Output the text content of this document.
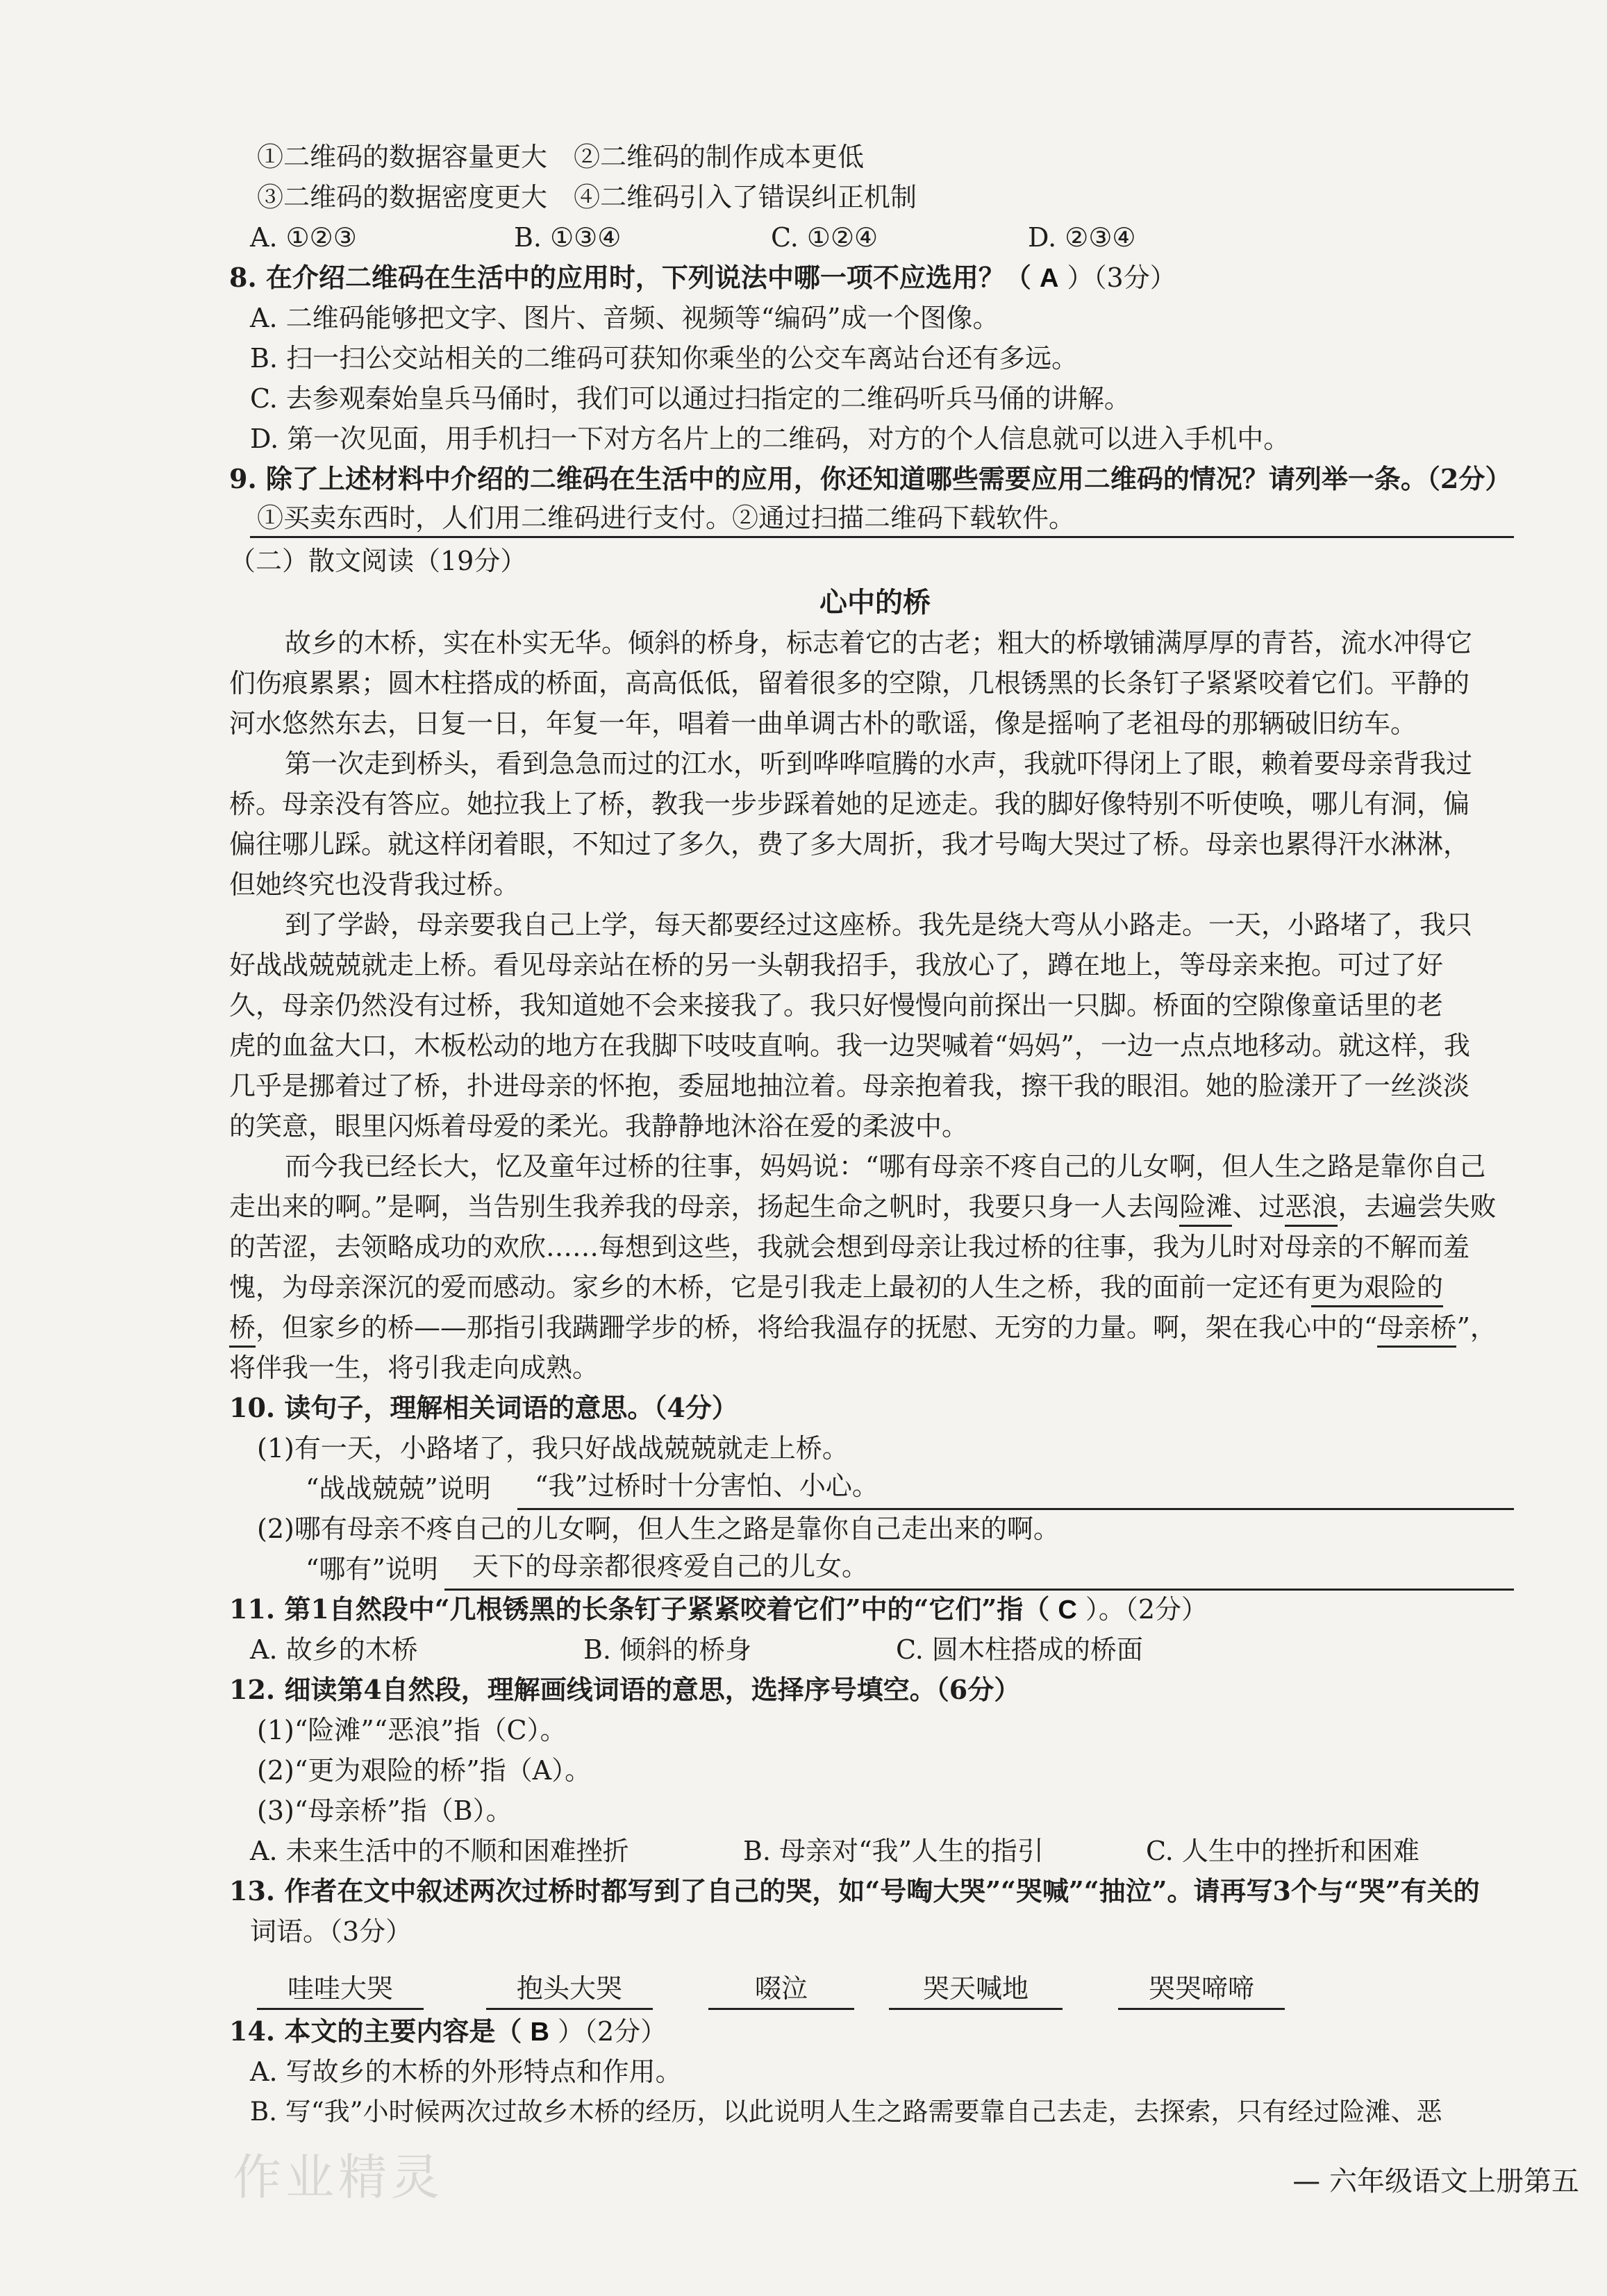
①二维码的数据容量更大　②二维码的制作成本更低
③二维码的数据密度更大　④二维码引入了错误纠正机制
A. ①②③	B. ①③④	C. ①②④	D. ②③④
8. 在介绍二维码在生活中的应用时，下列说法中哪一项不应选用？（ A ）（3分）
A. 二维码能够把文字、图片、音频、视频等“编码”成一个图像。
B. 扫一扫公交站相关的二维码可获知你乘坐的公交车离站台还有多远。
C. 去参观秦始皇兵马俑时，我们可以通过扫指定的二维码听兵马俑的讲解。
D. 第一次见面，用手机扫一下对方名片上的二维码，对方的个人信息就可以进入手机中。
9. 除了上述材料中介绍的二维码在生活中的应用，你还知道哪些需要应用二维码的情况？请列举一条。（2分）
①买卖东西时，人们用二维码进行支付。②通过扫描二维码下载软件。
（二）散文阅读（19分）
心中的桥
故乡的木桥，实在朴实无华。倾斜的桥身，标志着它的古老；粗大的桥墩铺满厚厚的青苔，流水冲得它
们伤痕累累；圆木柱搭成的桥面，高高低低，留着很多的空隙，几根锈黑的长条钉子紧紧咬着它们。平静的
河水悠然东去，日复一日，年复一年，唱着一曲单调古朴的歌谣，像是摇响了老祖母的那辆破旧纺车。
第一次走到桥头，看到急急而过的江水，听到哗哗喧腾的水声，我就吓得闭上了眼，赖着要母亲背我过
桥。母亲没有答应。她拉我上了桥，教我一步步踩着她的足迹走。我的脚好像特别不听使唤，哪儿有洞，偏
偏往哪儿踩。就这样闭着眼，不知过了多久，费了多大周折，我才号啕大哭过了桥。母亲也累得汗水淋淋，
但她终究也没背我过桥。
到了学龄，母亲要我自己上学，每天都要经过这座桥。我先是绕大弯从小路走。一天，小路堵了，我只
好战战兢兢就走上桥。看见母亲站在桥的另一头朝我招手，我放心了，蹲在地上，等母亲来抱。可过了好
久，母亲仍然没有过桥，我知道她不会来接我了。我只好慢慢向前探出一只脚。桥面的空隙像童话里的老
虎的血盆大口，木板松动的地方在我脚下吱吱直响。我一边哭喊着“妈妈”，一边一点点地移动。就这样，我
几乎是挪着过了桥，扑进母亲的怀抱，委屈地抽泣着。母亲抱着我，擦干我的眼泪。她的脸漾开了一丝淡淡
的笑意，眼里闪烁着母爱的柔光。我静静地沐浴在爱的柔波中。
而今我已经长大，忆及童年过桥的往事，妈妈说：“哪有母亲不疼自己的儿女啊，但人生之路是靠你自己
走出来的啊。”是啊，当告别生我养我的母亲，扬起生命之帆时，我要只身一人去闯险滩、过恶浪，去遍尝失败
的苦涩，去领略成功的欢欣……每想到这些，我就会想到母亲让我过桥的往事，我为儿时对母亲的不解而羞
愧，为母亲深沉的爱而感动。家乡的木桥，它是引我走上最初的人生之桥，我的面前一定还有更为艰险的
桥，但家乡的桥——那指引我蹒跚学步的桥，将给我温存的抚慰、无穷的力量。啊，架在我心中的“母亲桥”，
将伴我一生，将引我走向成熟。
10. 读句子，理解相关词语的意思。（4分）
(1)有一天，小路堵了，我只好战战兢兢就走上桥。
“战战兢兢”说明 “我”过桥时十分害怕、小心。
(2)哪有母亲不疼自己的儿女啊，但人生之路是靠你自己走出来的啊。
“哪有”说明 天下的母亲都很疼爱自己的儿女。
11. 第1自然段中“几根锈黑的长条钉子紧紧咬着它们”中的“它们”指（ C ）。（2分）
A. 故乡的木桥	B. 倾斜的桥身	C. 圆木柱搭成的桥面
12. 细读第4自然段，理解画线词语的意思，选择序号填空。（6分）
(1)“险滩”“恶浪”指（C）。
(2)“更为艰险的桥”指（A）。
(3)“母亲桥”指（B）。
A. 未来生活中的不顺和困难挫折	B. 母亲对“我”人生的指引	C. 人生中的挫折和困难
13. 作者在文中叙述两次过桥时都写到了自己的哭，如“号啕大哭”“哭喊”“抽泣”。请再写3个与“哭”有关的
词语。（3分）
哇哇大哭	抱头大哭	啜泣	哭天喊地	哭哭啼啼
14. 本文的主要内容是（ B ）（2分）
A. 写故乡的木桥的外形特点和作用。
B. 写“我”小时候两次过故乡木桥的经历，以此说明人生之路需要靠自己去走，去探索，只有经过险滩、恶
作业精灵	— 六年级语文上册第五
